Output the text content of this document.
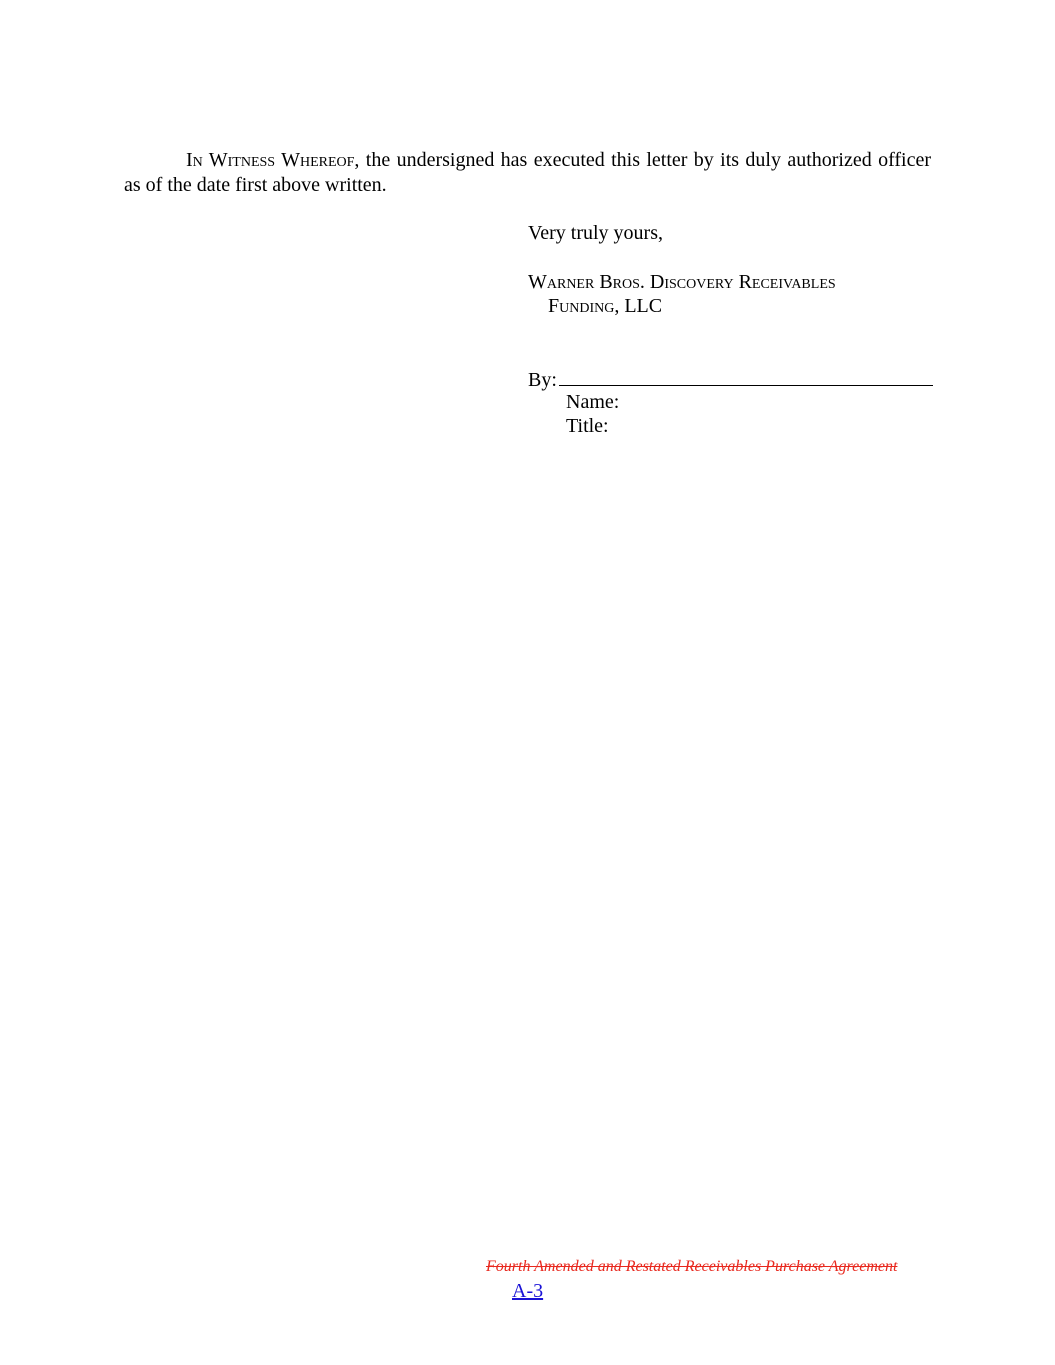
In Witness Whereof, the undersigned has executed this letter by its duly authorized officer as of the date first above written.
Very truly yours,
Warner Bros. Discovery Receivables
Funding, LLC
By:
Name:
Title:
Fourth Amended and Restated Receivables Purchase Agreement
A-3
